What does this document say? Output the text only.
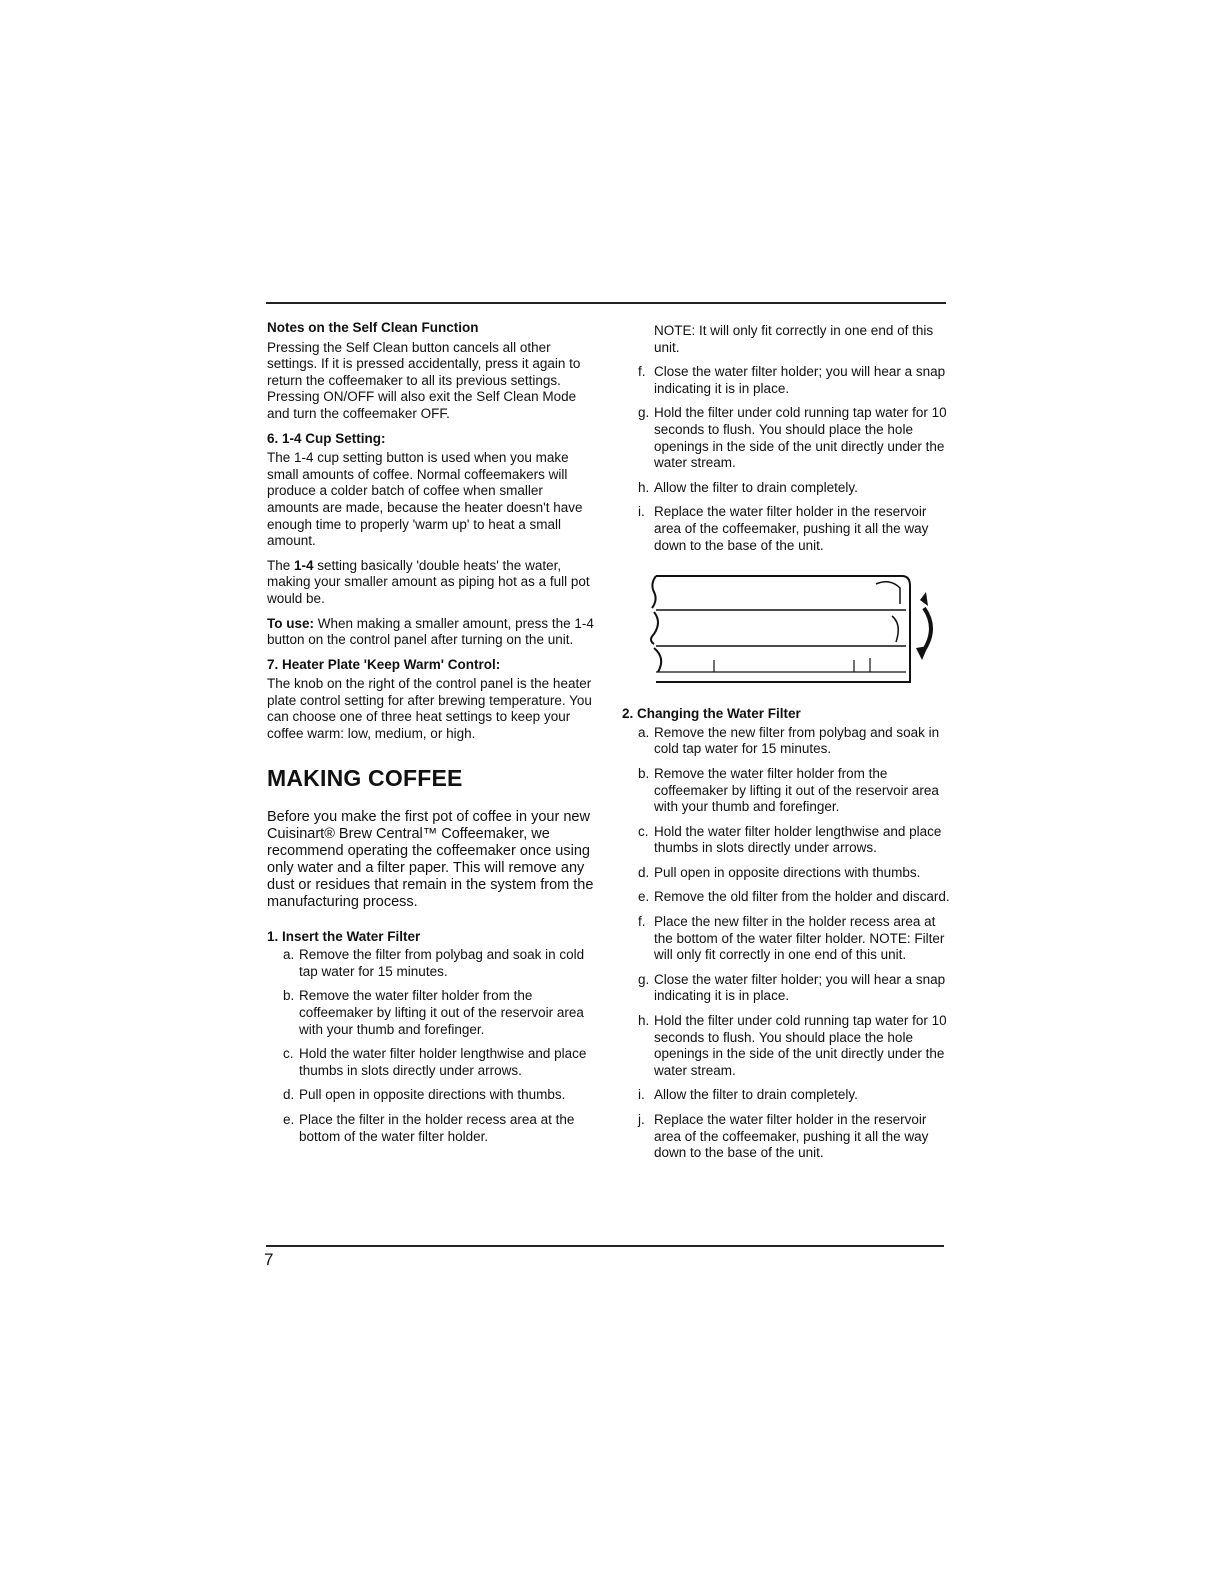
Notes on the Self Clean Function
Pressing the Self Clean button cancels all other settings. If it is pressed accidentally, press it again to return the coffeemaker to all its previous settings. Pressing ON/OFF will also exit the Self Clean Mode and turn the coffeemaker OFF.
6. 1-4 Cup Setting:
The 1-4 cup setting button is used when you make small amounts of coffee. Normal coffeemakers will produce a colder batch of coffee when smaller amounts are made, because the heater doesn't have enough time to properly 'warm up' to heat a small amount.
The 1-4 setting basically 'double heats' the water, making your smaller amount as piping hot as a full pot would be.
To use: When making a smaller amount, press the 1-4 button on the control panel after turning on the unit.
7. Heater Plate 'Keep Warm' Control:
The knob on the right of the control panel is the heater plate control setting for after brewing temperature. You can choose one of three heat settings to keep your coffee warm: low, medium, or high.
MAKING COFFEE
Before you make the first pot of coffee in your new Cuisinart® Brew Central™ Coffeemaker, we recommend operating the coffeemaker once using only water and a filter paper. This will remove any dust or residues that remain in the system from the manufacturing process.
1. Insert the Water Filter
a. Remove the filter from polybag and soak in cold tap water for 15 minutes.
b. Remove the water filter holder from the coffeemaker by lifting it out of the reservoir area with your thumb and forefinger.
c. Hold the water filter holder lengthwise and place thumbs in slots directly under arrows.
d. Pull open in opposite directions with thumbs.
e. Place the filter in the holder recess area at the bottom of the water filter holder.
NOTE: It will only fit correctly in one end of this unit.
f. Close the water filter holder; you will hear a snap indicating it is in place.
g. Hold the filter under cold running tap water for 10 seconds to flush. You should place the hole openings in the side of the unit directly under the water stream.
h. Allow the filter to drain completely.
i. Replace the water filter holder in the reservoir area of the coffeemaker, pushing it all the way down to the base of the unit.
2. Changing the Water Filter
a. Remove the new filter from polybag and soak in cold tap water for 15 minutes.
b. Remove the water filter holder from the coffeemaker by lifting it out of the reservoir area with your thumb and forefinger.
c. Hold the water filter holder lengthwise and place thumbs in slots directly under arrows.
d. Pull open in opposite directions with thumbs.
e. Remove the old filter from the holder and discard.
f. Place the new filter in the holder recess area at the bottom of the water filter holder. NOTE: Filter will only fit correctly in one end of this unit.
g. Close the water filter holder; you will hear a snap indicating it is in place.
h. Hold the filter under cold running tap water for 10 seconds to flush. You should place the hole openings in the side of the unit directly under the water stream.
i. Allow the filter to drain completely.
j. Replace the water filter holder in the reservoir area of the coffeemaker, pushing it all the way down to the base of the unit.
7
